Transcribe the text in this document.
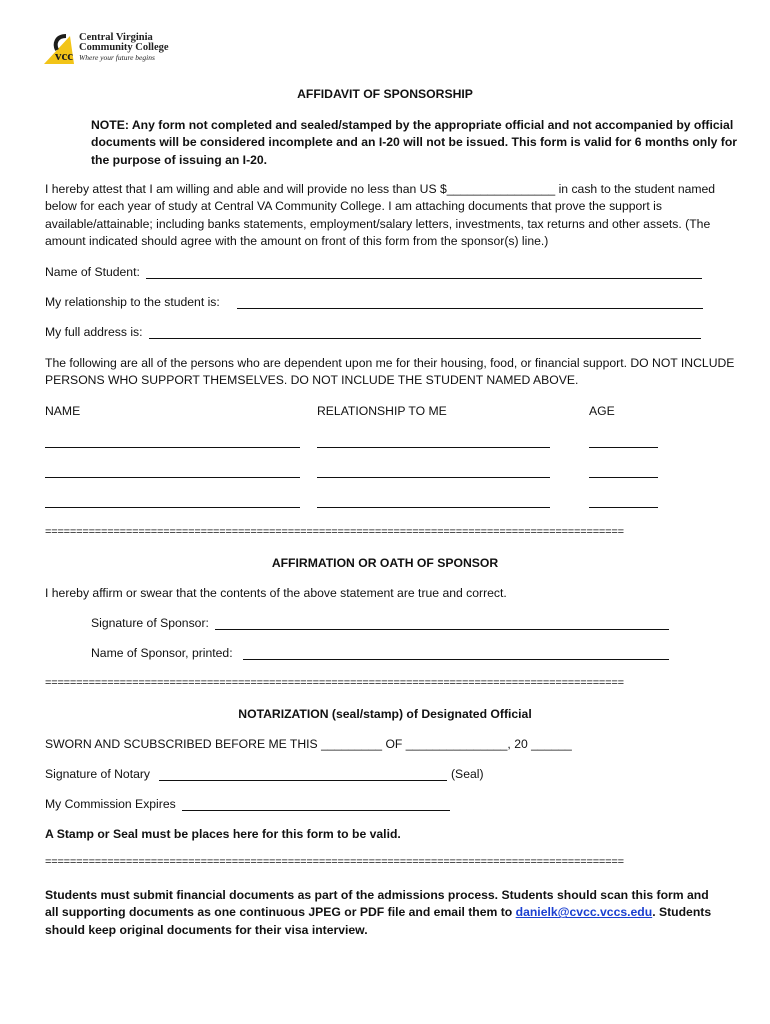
vcc
Central Virginia
Community College
Where your future begins
AFFIDAVIT OF SPONSORSHIP
NOTE: Any form not completed and sealed/stamped by the appropriate official and not accompanied by official documents will be considered incomplete and an I-20 will not be issued. This form is valid for 6 months only for the purpose of issuing an I-20.
I hereby attest that I am willing and able and will provide no less than US $________________ in cash to the student named below for each year of study at Central VA Community College. I am attaching documents that prove the support is available/attainable; including banks statements, employment/salary letters, investments, tax returns and other assets. (The amount indicated should agree with the amount on front of this form from the sponsor(s) line.)
Name of Student:
My relationship to the student is:
My full address is:
The following are all of the persons who are dependent upon me for their housing, food, or financial support. DO NOT INCLUDE PERSONS WHO SUPPORT THEMSELVES. DO NOT INCLUDE THE STUDENT NAMED ABOVE.
NAME	RELATIONSHIP TO ME	AGE
=============================================================================================
AFFIRMATION OR OATH OF SPONSOR
I hereby affirm or swear that the contents of the above statement are true and correct.
Signature of Sponsor:
Name of Sponsor, printed:
=============================================================================================
NOTARIZATION (seal/stamp) of Designated Official
SWORN AND SCUBSCRIBED BEFORE ME THIS _________ OF _______________, 20 ______
Signature of Notary	(Seal)
My Commission Expires
A Stamp or Seal must be places here for this form to be valid.
=============================================================================================
Students must submit financial documents as part of the admissions process. Students should scan this form and all supporting documents as one continuous JPEG or PDF file and email them to danielk@cvcc.vccs.edu. Students should keep original documents for their visa interview.
